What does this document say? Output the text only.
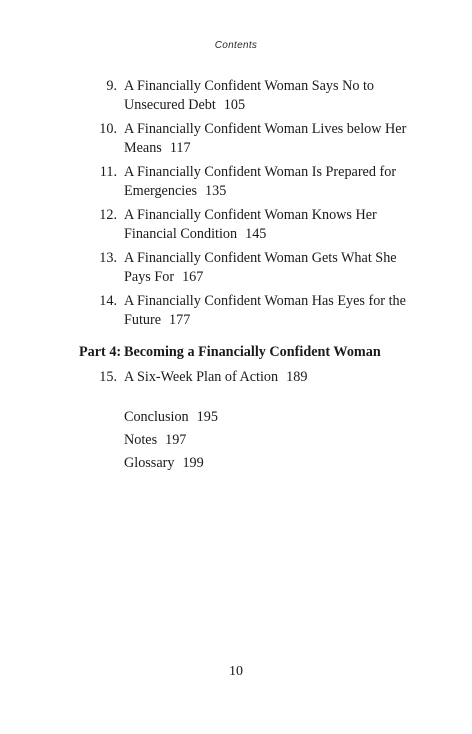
Contents
9. A Financially Confident Woman Says No to
Unsecured Debt 105
10. A Financially Confident Woman Lives below Her
Means 117
11. A Financially Confident Woman Is Prepared for
Emergencies 135
12. A Financially Confident Woman Knows Her
Financial Condition 145
13. A Financially Confident Woman Gets What She
Pays For 167
14. A Financially Confident Woman Has Eyes for the
Future 177
Part 4: Becoming a Financially Confident Woman
15. A Six-Week Plan of Action 189
Conclusion 195
Notes 197
Glossary 199
10
